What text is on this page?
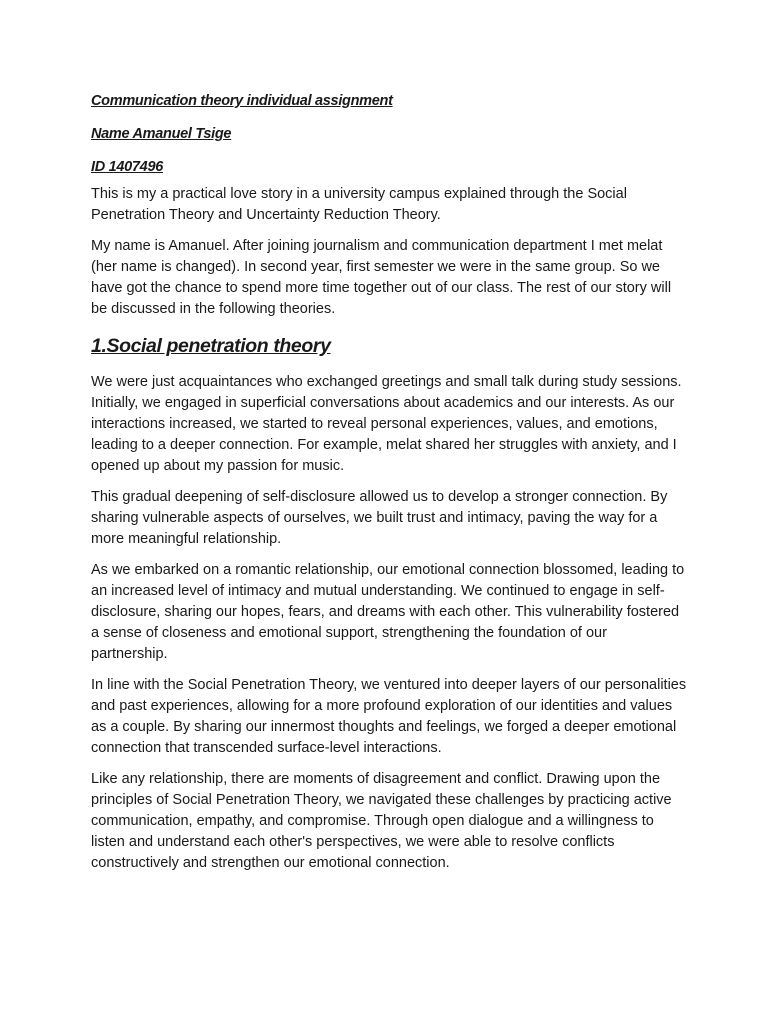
Communication theory individual assignment

Name Amanuel Tsige

ID 1407496

This is my a practical love story in a university campus explained through the Social Penetration Theory and Uncertainty Reduction Theory.

My name is Amanuel. After joining journalism and communication department I met melat (her name is changed). In second year, first semester we were in the same group. So we have got the chance to spend more time together out of our class. The rest of our story will be discussed in the following theories.

1.Social penetration theory

We were just acquaintances who exchanged greetings and small talk during study sessions. Initially, we engaged in superficial conversations about academics and our interests. As our interactions increased, we started to reveal personal experiences, values, and emotions, leading to a deeper connection. For example, melat shared her struggles with anxiety, and I opened up about my passion for music.

This gradual deepening of self-disclosure allowed us to develop a stronger connection. By sharing vulnerable aspects of ourselves, we built trust and intimacy, paving the way for a more meaningful relationship.

As we embarked on a romantic relationship, our emotional connection blossomed, leading to an increased level of intimacy and mutual understanding. We continued to engage in self-disclosure, sharing our hopes, fears, and dreams with each other. This vulnerability fostered a sense of closeness and emotional support, strengthening the foundation of our partnership.

In line with the Social Penetration Theory, we ventured into deeper layers of our personalities and past experiences, allowing for a more profound exploration of our identities and values as a couple. By sharing our innermost thoughts and feelings, we forged a deeper emotional connection that transcended surface-level interactions.

Like any relationship, there are moments of disagreement and conflict. Drawing upon the principles of Social Penetration Theory, we navigated these challenges by practicing active communication, empathy, and compromise. Through open dialogue and a willingness to listen and understand each other's perspectives, we were able to resolve conflicts constructively and strengthen our emotional connection.
